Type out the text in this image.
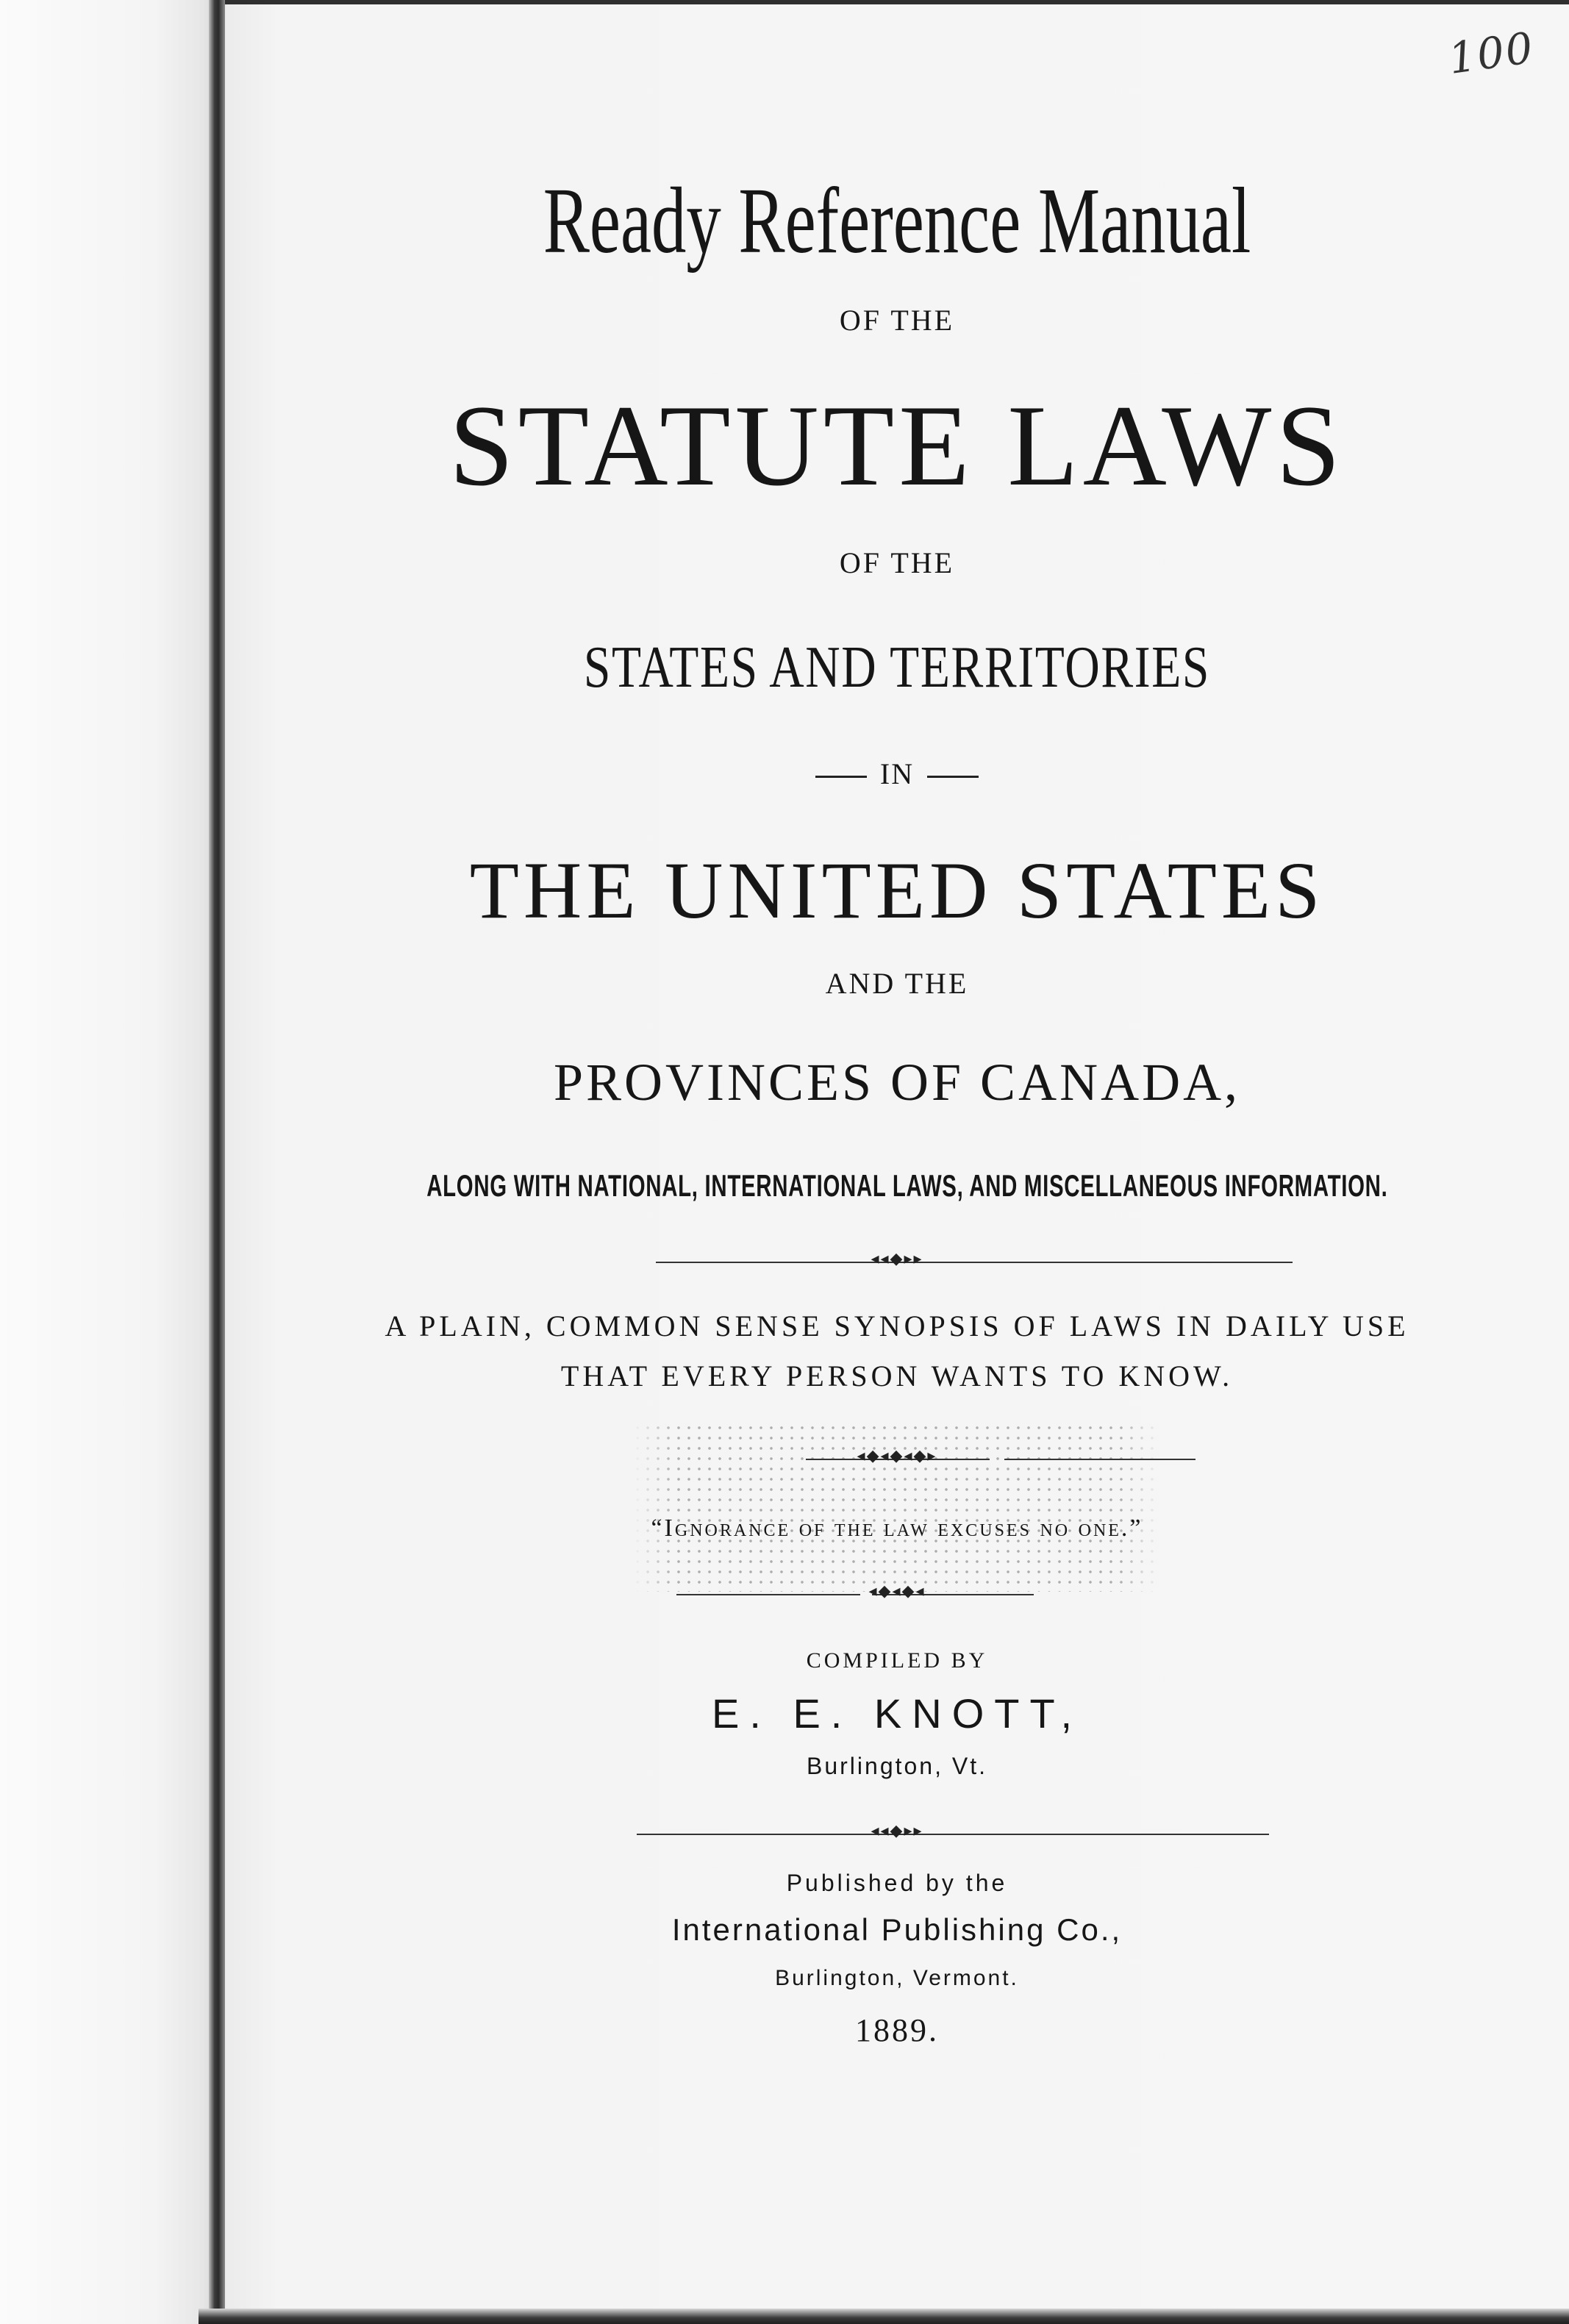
100
Ready Reference Manual
OF THE
STATUTE LAWS
OF THE
STATES AND TERRITORIES
IN
THE UNITED STATES
AND THE
PROVINCES OF CANADA,
ALONG WITH NATIONAL, INTERNATIONAL LAWS, AND MISCELLANEOUS INFORMATION.
◂◂◆▸▸
A PLAIN, COMMON SENSE SYNOPSIS OF LAWS IN DAILY USE
THAT EVERY PERSON WANTS TO KNOW.
◂◆◂◆◂◆▸
“Ignorance of the law excuses no one.”
◂◆◂◆◂
COMPILED BY
E. E. KNOTT,
Burlington, Vt.
◂◂◆▸▸
Published by the
International Publishing Co.,
Burlington, Vermont.
1889.
